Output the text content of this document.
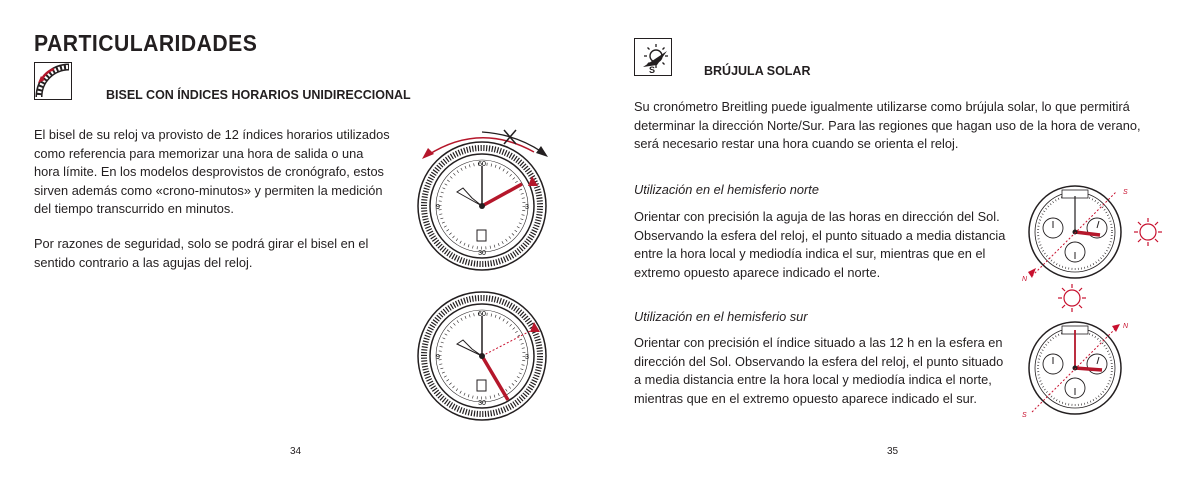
PARTICULARIDADES
BISEL CON ÍNDICES HORARIOS UNIDIRECCIONAL
El bisel de su reloj va provisto de 12 índices horarios utilizados
como referencia para memorizar una hora de salida o una
hora límite. En los modelos desprovistos de cronógrafo, estos
sirven además como «crono-minutos» y permiten la medición
del tiempo transcurrido en minutos.
Por razones de seguridad, solo se podrá girar el bisel en el
sentido contrario a las agujas del reloj.
60
9	3
30
60
9	3
30
34
S	BRÚJULA SOLAR
Su cronómetro Breitling puede igualmente utilizarse como brújula solar, lo que permitirá
determinar la dirección Norte/Sur. Para las regiones que hagan uso de la hora de verano,
será necesario restar una hora cuando se orienta el reloj.
Utilización en el hemisferio norte
Orientar con precisión la aguja de las horas en dirección del Sol.
Observando la esfera del reloj, el punto situado a media distancia
entre la hora local y mediodía indica el sur, mientras que en el
extremo opuesto aparece indicado el norte.
Utilización en el hemisferio sur
Orientar con precisión el índice situado a las 12 h en la esfera en
dirección del Sol. Observando la esfera del reloj, el punto situado
a media distancia entre la hora local y mediodía indica el norte,
mientras que en el extremo opuesto aparece indicado el sur.
S
N
N
S
35
